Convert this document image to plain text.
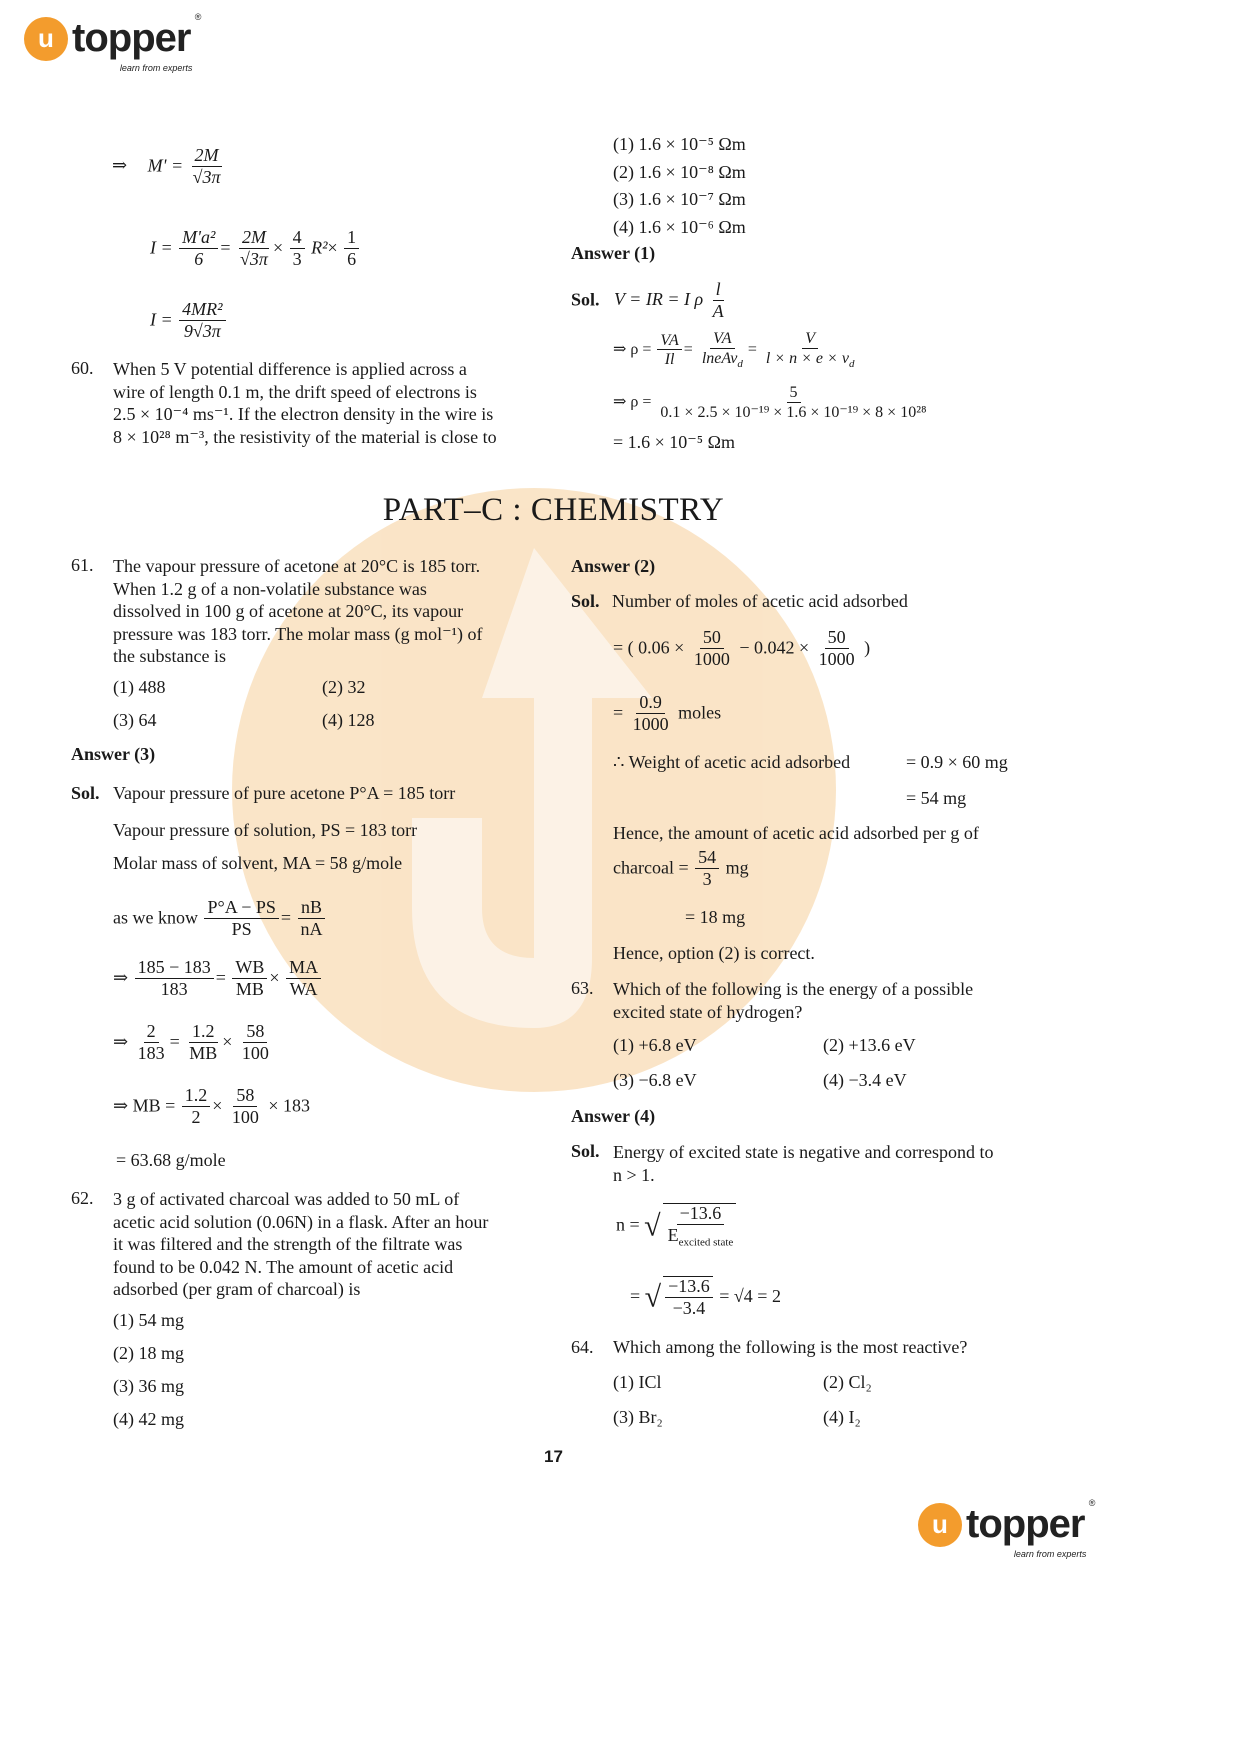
u topper ®
learn from experts
⇒ $M' = \frac{2M}{√3\pi}$
$I = \frac{\text{M'a²}}{6} = \frac{2M}{√3\pi} \times \frac{4}{3} R^2\times \frac{1}{6}$
$I = \frac{\text{4MR²}}{9√3\pi}$
60. When 5 V potential difference is applied across a
wire of length 0.1 m, the drift speed of electrons is
2.5 × 10⁻⁴ ms⁻¹. If the electron density in the wire is
8 × 10²⁸ m⁻³, the resistivity of the material is close to
(1) 1.6 × 10⁻⁵ Ωm
(2) 1.6 × 10⁻⁸ Ωm
(3) 1.6 × 10⁻⁷ Ωm
(4) 1.6 × 10⁻⁶ Ωm
Answer (1)
Sol. V = IR = I ρ $\frac{l}{A}$
⇒ $\rho = \frac{VA}{Il} = \frac{VA}{lneAv_d} = \frac{V}{l \times n \times e \times v_d}$
⇒ $\rho = \frac{5}{\text{0.1 × 2.5 × 10⁻¹⁹ × 1.6 × 10⁻¹⁹ × 8 × 10²⁸}}$
= 1.6 × 10⁻⁵ Ωm
PART–C : CHEMISTRY
61. The vapour pressure of acetone at 20°C is 185 torr.
When 1.2 g of a non-volatile substance was
dissolved in 100 g of acetone at 20°C, its vapour
pressure was 183 torr. The molar mass (g mol⁻¹) of
the substance is
(1) 488	(2) 32
(3) 64	(4) 128
Answer (3)
Sol. Vapour pressure of pure acetone P°A = 185 torr
Vapour pressure of solution, PS = 183 torr
Molar mass of solvent, MA = 58 g/mole
as we know $\frac{P^\circ A - PS}{PS} = \frac{nB}{nA}$
⇒ $\frac{185 - 183}{183} = \frac{WB}{MB} \times \frac{MA}{WA}$
⇒ $\frac{2}{183} = \frac{1.2}{MB} \times \frac{58}{100}$
⇒ MB = $\frac{1.2}{2} \times \frac{58}{100} \times 183$
= 63.68 g/mole
62. 3 g of activated charcoal was added to 50 mL of
acetic acid solution (0.06N) in a flask. After an hour
it was filtered and the strength of the filtrate was
found to be 0.042 N. The amount of acetic acid
adsorbed (per gram of charcoal) is
(1) 54 mg
(2) 18 mg
(3) 36 mg
(4) 42 mg
Answer (2)
Sol. Number of moles of acetic acid adsorbed
= ( $0.06 \times \frac{50}{1000} - 0.042 \times \frac{50}{1000}$ )
= $\frac{0.9}{1000}$ moles
∴ Weight of acetic acid adsorbed	= 0.9 × 60 mg
= 54 mg
Hence, the amount of acetic acid adsorbed per g of
charcoal = $\frac{54}{3}$ mg
= 18 mg
Hence, option (2) is correct.
63. Which of the following is the energy of a possible
excited state of hydrogen?
(1) +6.8 eV	(2) +13.6 eV
(3) −6.8 eV	(4) −3.4 eV
Answer (4)
Sol. Energy of excited state is negative and correspond to
n > 1.
n = √ $\frac{-13.6}{E_{excited state}}$
= √ $\frac{-13.6}{-3.4} = √4 = 2$
64. Which among the following is the most reactive?
(1) ICl	(2) Cl₂
(3) Br₂	(4) I₂
17
u topper ®
learn from experts
